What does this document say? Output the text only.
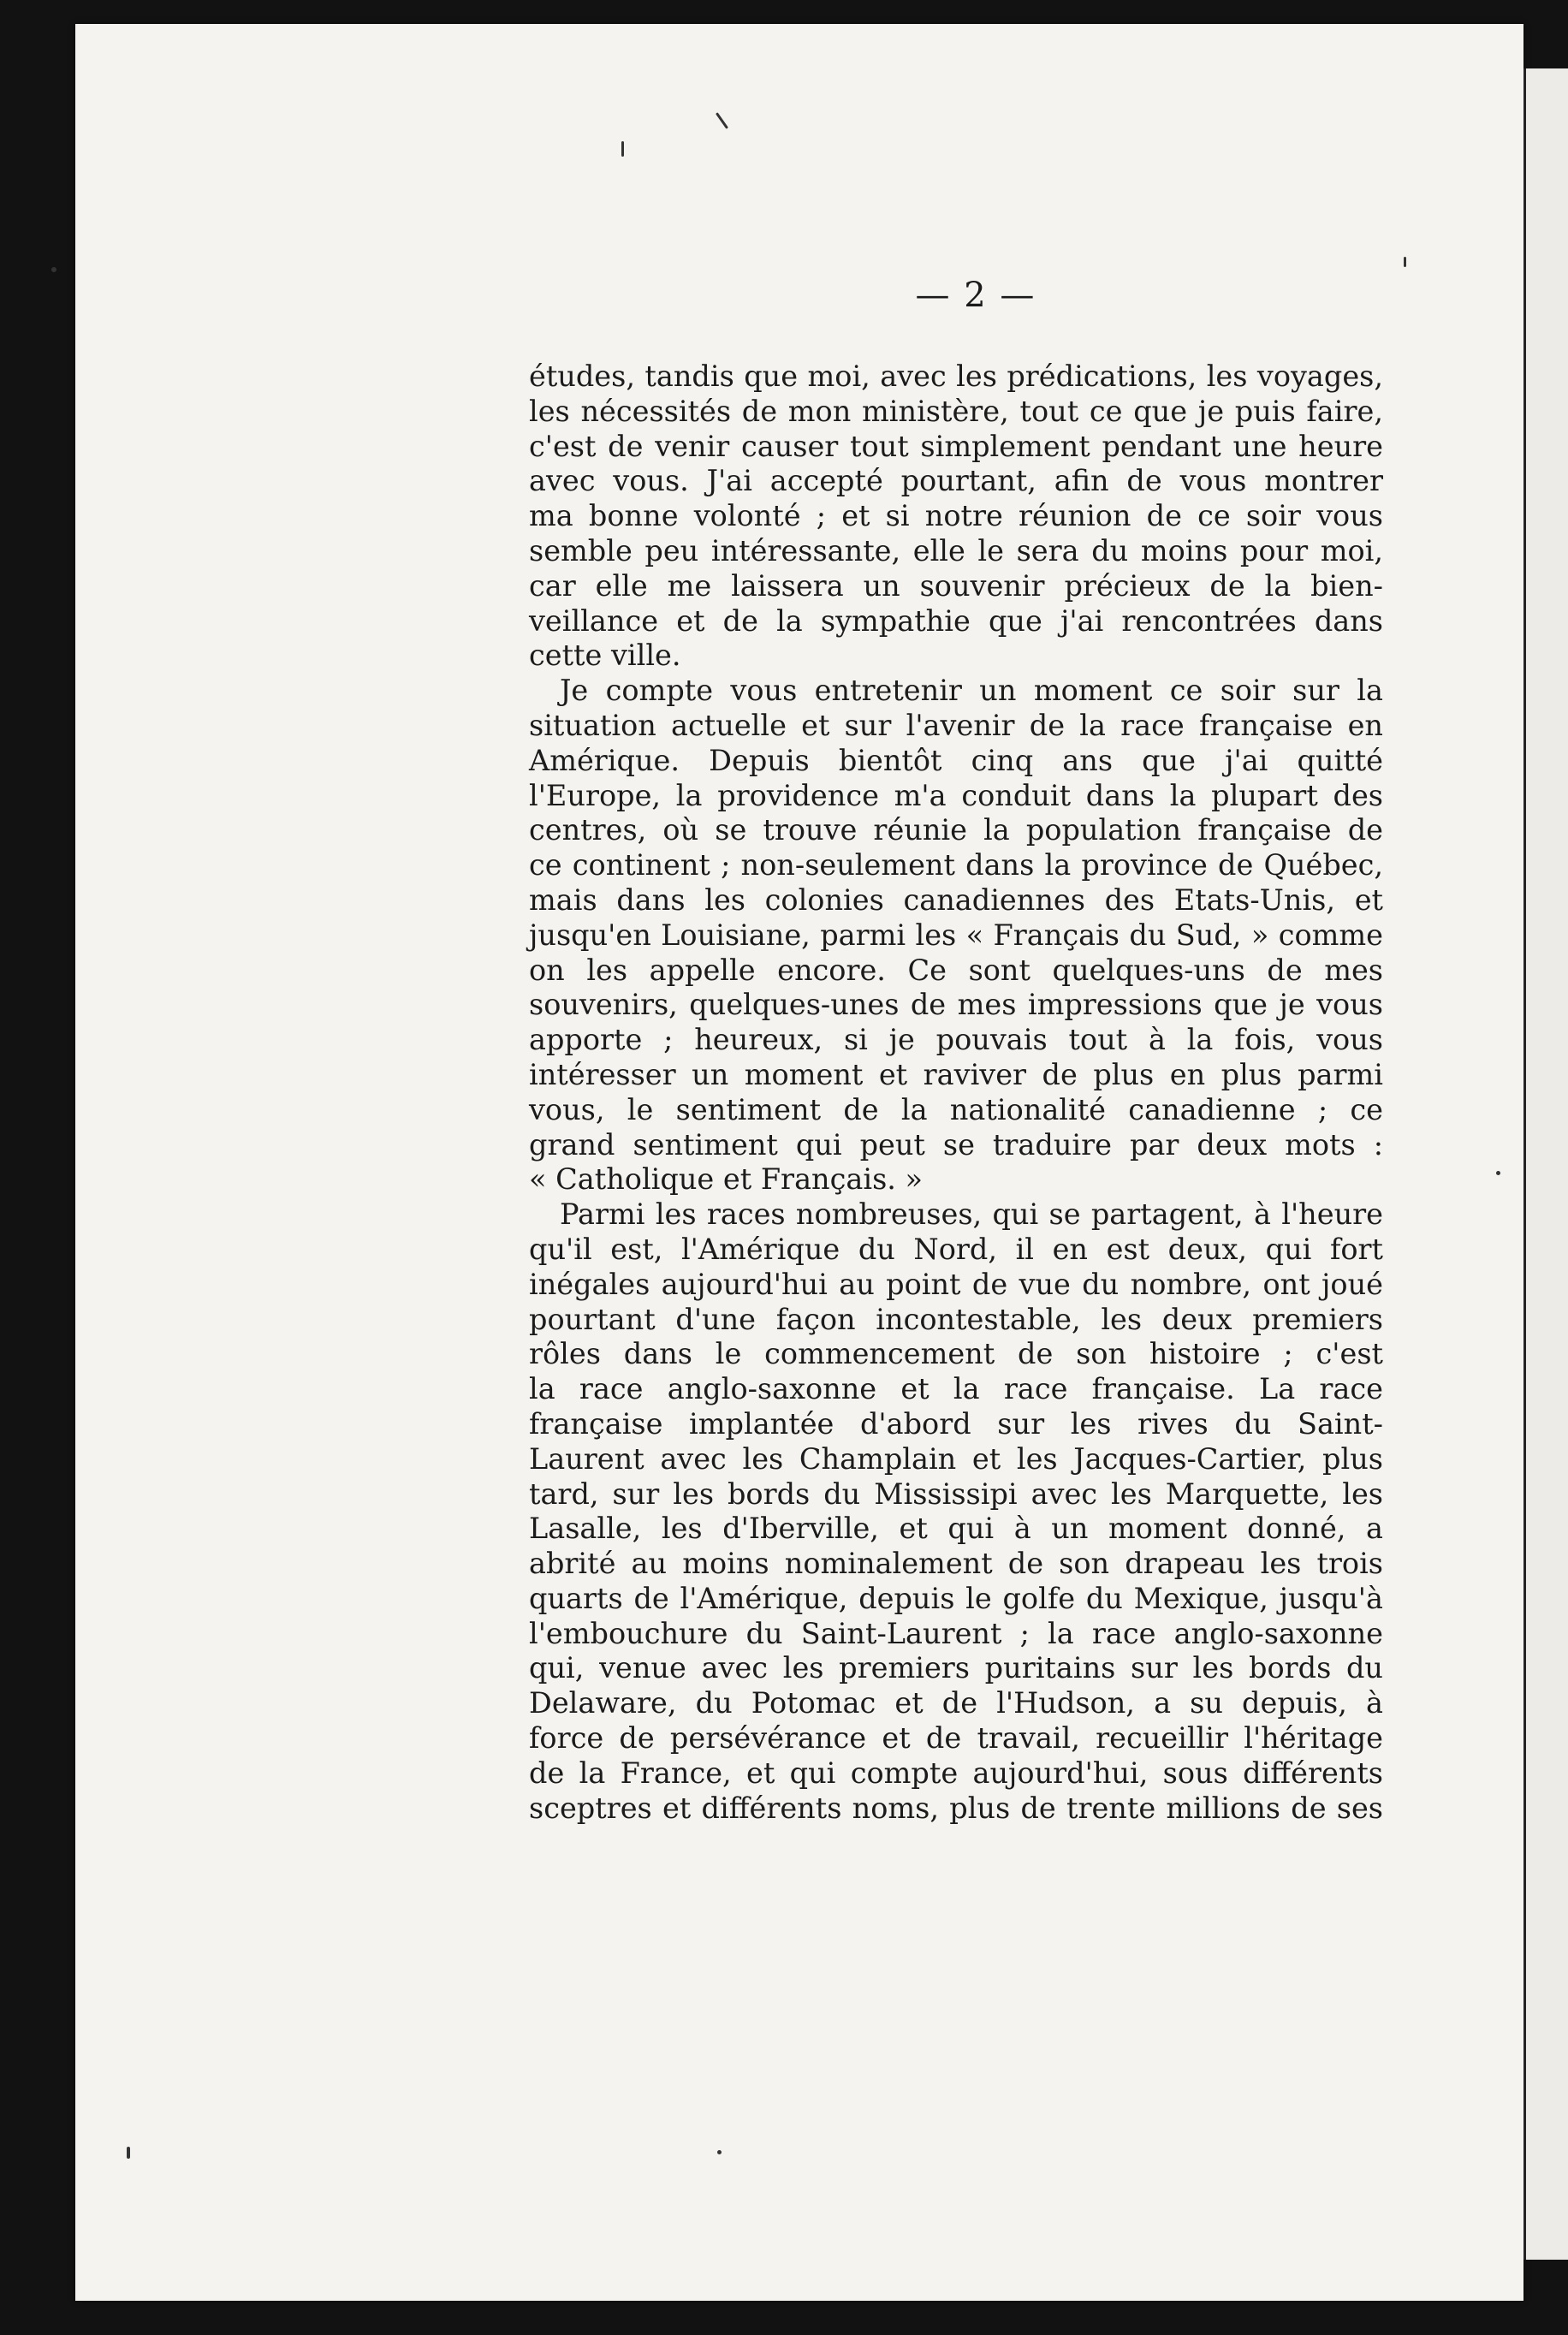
— 2 —
études, tandis que moi, avec les prédications, les voyages,
les nécessités de mon ministère, tout ce que je puis faire,
c'est de venir causer tout simplement pendant une heure
avec vous. J'ai accepté pourtant, afin de vous montrer
ma bonne volonté ; et si notre réunion de ce soir vous
semble peu intéressante, elle le sera du moins pour moi,
car elle me laissera un souvenir précieux de la bien-
veillance et de la sympathie que j'ai rencontrées dans
cette ville.
Je compte vous entretenir un moment ce soir sur la
situation actuelle et sur l'avenir de la race française en
Amérique. Depuis bientôt cinq ans que j'ai quitté
l'Europe, la providence m'a conduit dans la plupart des
centres, où se trouve réunie la population française de
ce continent ; non-seulement dans la province de Québec,
mais dans les colonies canadiennes des Etats-Unis, et
jusqu'en Louisiane, parmi les « Français du Sud, » comme
on les appelle encore. Ce sont quelques-uns de mes
souvenirs, quelques-unes de mes impressions que je vous
apporte ; heureux, si je pouvais tout à la fois, vous
intéresser un moment et raviver de plus en plus parmi
vous, le sentiment de la nationalité canadienne ; ce
grand sentiment qui peut se traduire par deux mots :
« Catholique et Français. »
Parmi les races nombreuses, qui se partagent, à l'heure
qu'il est, l'Amérique du Nord, il en est deux, qui fort
inégales aujourd'hui au point de vue du nombre, ont joué
pourtant d'une façon incontestable, les deux premiers
rôles dans le commencement de son histoire ; c'est
la race anglo-saxonne et la race française. La race
française implantée d'abord sur les rives du Saint-
Laurent avec les Champlain et les Jacques-Cartier, plus
tard, sur les bords du Mississipi avec les Marquette, les
Lasalle, les d'Iberville, et qui à un moment donné, a
abrité au moins nominalement de son drapeau les trois
quarts de l'Amérique, depuis le golfe du Mexique, jusqu'à
l'embouchure du Saint-Laurent ; la race anglo-saxonne
qui, venue avec les premiers puritains sur les bords du
Delaware, du Potomac et de l'Hudson, a su depuis, à
force de persévérance et de travail, recueillir l'héritage
de la France, et qui compte aujourd'hui, sous différents
sceptres et différents noms, plus de trente millions de ses
